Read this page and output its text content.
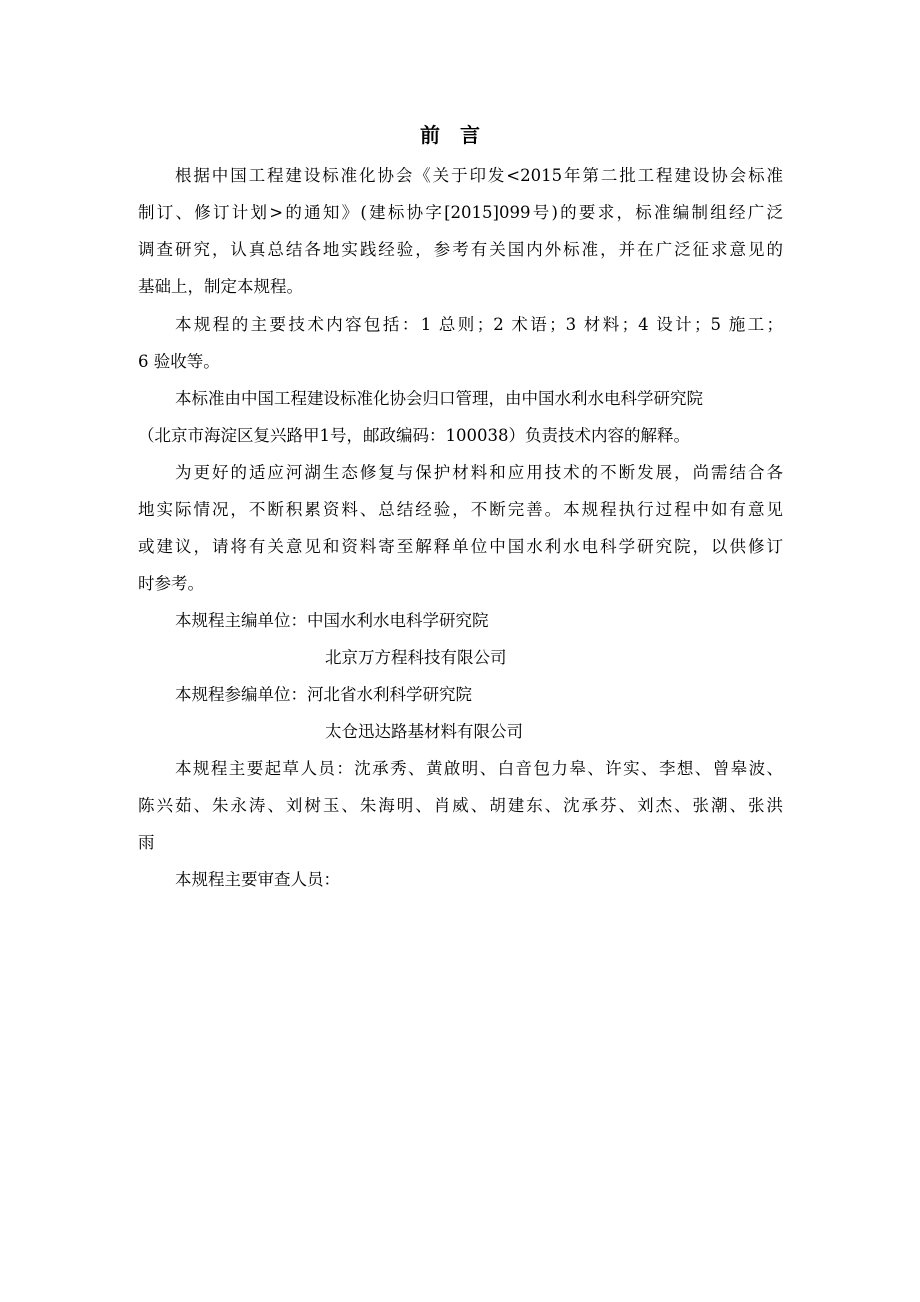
前言
根据中国工程建设标准化协会《关于印发<2015年第二批工程建设协会标准
制订、修订计划>的通知》(建标协字[2015]099号)的要求，标准编制组经广泛
调查研究，认真总结各地实践经验，参考有关国内外标准，并在广泛征求意见的
基础上，制定本规程。
本规程的主要技术内容包括：1 总则；2 术语；3 材料；4 设计；5 施工；
6 验收等。
本标准由中国工程建设标准化协会归口管理，由中国水利水电科学研究院
（北京市海淀区复兴路甲1号，邮政编码：100038）负责技术内容的解释。
为更好的适应河湖生态修复与保护材料和应用技术的不断发展，尚需结合各
地实际情况，不断积累资料、总结经验，不断完善。本规程执行过程中如有意见
或建议，请将有关意见和资料寄至解释单位中国水利水电科学研究院，以供修订
时参考。
本规程主编单位：中国水利水电科学研究院
北京万方程科技有限公司
本规程参编单位：河北省水利科学研究院
太仓迅达路基材料有限公司
本规程主要起草人员：沈承秀、黄啟明、白音包力皋、许实、李想、曾皋波、
陈兴茹、朱永涛、刘树玉、朱海明、肖威、胡建东、沈承芬、刘杰、张潮、张洪
雨
本规程主要审查人员：
